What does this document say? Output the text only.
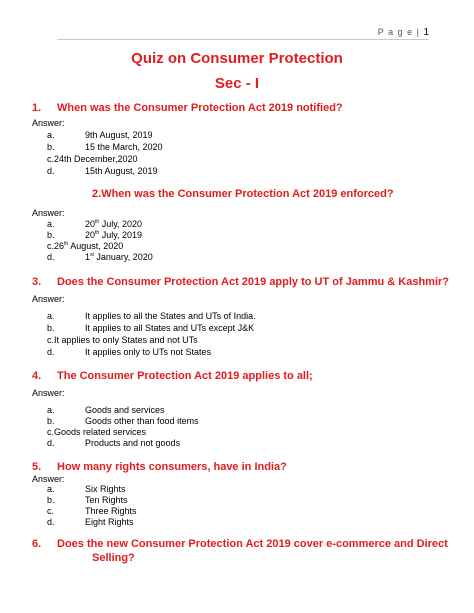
P a g e | 1
Quiz on Consumer Protection
Sec - I
1. When was the Consumer Protection Act 2019 notified?
Answer:
a.	9th August, 2019
b.	15 the March, 2020
c.24th December,2020
d.	15th August, 2019
2.When was the Consumer Protection Act 2019 enforced?
Answer:
a.	20th July, 2020
b.	20th July, 2019
c.26th August, 2020
d.	1st January, 2020
3. Does the Consumer Protection Act 2019 apply to UT of Jammu & Kashmir?
Answer:
a.	It applies to all the States and UTs of India.
b.	It applies to all States and UTs except J&K
c.It applies to only States and not UTs
d.	It applies only to UTs not States
4. The Consumer Protection Act 2019 applies to all;
Answer:
a.	Goods and services
b.	Goods other than food items
c.Goods related services
d.	Products and not goods
5. How many rights consumers, have in India?
Answer:
a.	Six Rights
b.	Ten Rights
c.	Three Rights
d.	Eight Rights
6. Does the new Consumer Protection Act 2019 cover e-commerce and Direct
Selling?
